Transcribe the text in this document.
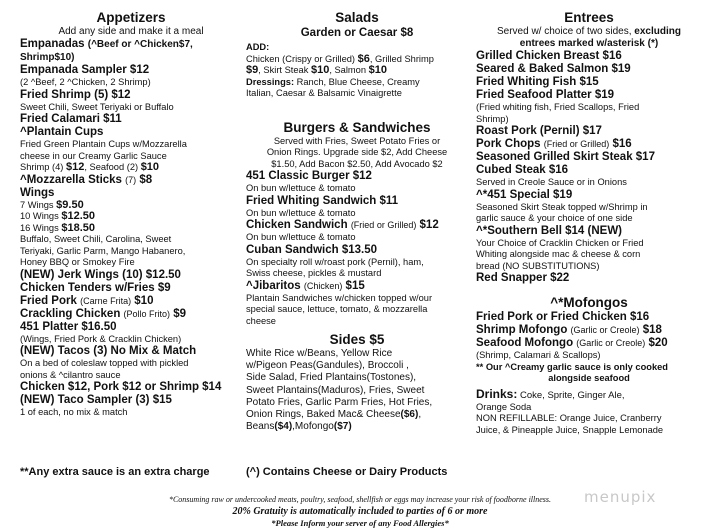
Appetizers
Add any side and make it a meal
Empanadas (^Beef or ^Chicken$7,
Shrimp$10)
Empanada Sampler $12
(2 ^Beef, 2 ^Chicken, 2 Shrimp)
Fried Shrimp (5) $12
Sweet Chili, Sweet Teriyaki or Buffalo
Fried Calamari $11
^Plantain Cups
Fried Green Plantain Cups w/Mozzarella
cheese in our Creamy Garlic Sauce
Shrimp (4) $12, Seafood (2) $10
^Mozzarella Sticks (7) $8
Wings
7 Wings $9.50
10 Wings $12.50
16 Wings $18.50
Buffalo, Sweet Chili, Carolina, Sweet
Teriyaki, Garlic Parm, Mango Habanero,
Honey BBQ or Smokey Fire
(NEW) Jerk Wings (10) $12.50
Chicken Tenders w/Fries $9
Fried Pork (Carne Frita) $10
Crackling Chicken (Pollo Frito) $9
451 Platter $16.50
(Wings, Fried Pork & Cracklin Chicken)
(NEW) Tacos (3) No Mix & Match
On a bed of coleslaw topped with pickled
onions & ^cilantro sauce
Chicken $12, Pork $12 or Shrimp $14
(NEW) Taco Sampler (3) $15
1 of each, no mix & match
Salads
Garden or Caesar $8
ADD:
Chicken (Crispy or Grilled) $6, Grilled Shrimp
$9, Skirt Steak $10, Salmon $10
Dressings: Ranch, Blue Cheese, Creamy
Italian, Caesar & Balsamic Vinaigrette
Burgers & Sandwiches
Served with Fries, Sweet Potato Fries or
Onion Rings. Upgrade side $2, Add Cheese
$1.50, Add Bacon $2.50, Add Avocado $2
451 Classic Burger $12
On bun w/lettuce & tomato
Fried Whiting Sandwich $11
On bun w/lettuce & tomato
Chicken Sandwich (Fried or Grilled) $12
On bun w/lettuce & tomato
Cuban Sandwich $13.50
On specialty roll w/roast pork (Pernil), ham,
Swiss cheese, pickles & mustard
^Jibaritos (Chicken) $15
Plantain Sandwiches w/chicken topped w/our
special sauce, lettuce, tomato, & mozzarella
cheese
Sides $5
White Rice w/Beans, Yellow Rice
w/Pigeon Peas(Gandules), Broccoli ,
Side Salad, Fried Plantains(Tostones),
Sweet Plantains(Maduros), Fries, Sweet
Potato Fries, Garlic Parm Fries, Hot Fries,
Onion Rings, Baked Mac& Cheese($6),
Beans($4),Mofongo($7)
Entrees
Served w/ choice of two sides, excluding
entrees marked w/asterisk (*)
Grilled Chicken Breast $16
Seared & Baked Salmon $19
Fried Whiting Fish $15
Fried Seafood Platter $19
(Fried whiting fish, Fried Scallops, Fried
Shrimp)
Roast Pork (Pernil) $17
Pork Chops (Fried or Grilled) $16
Seasoned Grilled Skirt Steak $17
Cubed Steak $16
Served in Creole Sauce or in Onions
^*451 Special $19
Seasoned Skirt Steak topped w/Shrimp in
garlic sauce & your choice of one side
^*Southern Bell $14 (NEW)
Your Choice of Cracklin Chicken or Fried
Whiting alongside mac & cheese & corn
bread (NO SUBSTITUTIONS)
Red Snapper $22
^*Mofongos
Fried Pork or Fried Chicken $16
Shrimp Mofongo (Garlic or Creole) $18
Seafood Mofongo (Garlic or Creole) $20
(Shrimp, Calamari & Scallops)
** Our ^Creamy garlic sauce is only cooked
alongside seafood
Drinks: Coke, Sprite, Ginger Ale,
Orange Soda
NON REFILLABLE: Orange Juice, Cranberry
Juice, & Pineapple Juice, Snapple Lemonade
**Any extra sauce is an extra charge	(^) Contains Cheese or Dairy Products
*Consuming raw or undercooked meats, poultry, seafood, shellfish or eggs may increase your risk of foodborne illness.
20% Gratuity is automatically included to parties of 6 or more
*Please Inform your server of any Food Allergies*
menupix
